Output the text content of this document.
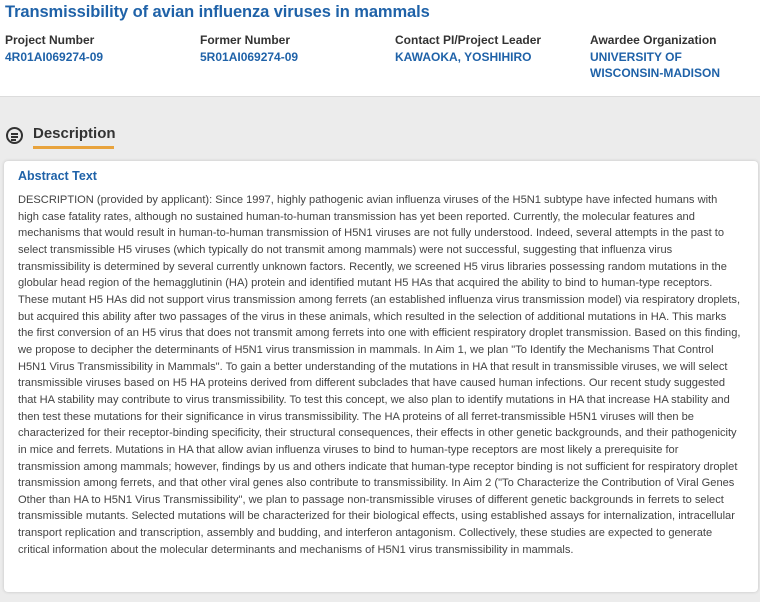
Transmissibility of avian influenza viruses in mammals
Project Number
4R01AI069274-09
Former Number
5R01AI069274-09
Contact PI/Project Leader
KAWAOKA, YOSHIHIRO
Awardee Organization
UNIVERSITY OF WISCONSIN-MADISON
Description
Abstract Text

DESCRIPTION (provided by applicant): Since 1997, highly pathogenic avian influenza viruses of the H5N1 subtype have infected humans with high case fatality rates, although no sustained human-to-human transmission has yet been reported. Currently, the molecular features and mechanisms that would result in human-to-human transmission of H5N1 viruses are not fully understood. Indeed, several attempts in the past to select transmissible H5 viruses (which typically do not transmit among mammals) were not successful, suggesting that influenza virus transmissibility is determined by several currently unknown factors. Recently, we screened H5 virus libraries possessing random mutations in the globular head region of the hemagglutinin (HA) protein and identified mutant H5 HAs that acquired the ability to bind to human-type receptors. These mutant H5 HAs did not support virus transmission among ferrets (an established influenza virus transmission model) via respiratory droplets, but acquired this ability after two passages of the virus in these animals, which resulted in the selection of additional mutations in HA. This marks the first conversion of an H5 virus that does not transmit among ferrets into one with efficient respiratory droplet transmission. Based on this finding, we propose to decipher the determinants of H5N1 virus transmission in mammals. In Aim 1, we plan "To Identify the Mechanisms That Control H5N1 Virus Transmissibility in Mammals". To gain a better understanding of the mutations in HA that result in transmissible viruses, we will select transmissible viruses based on H5 HA proteins derived from different subclades that have caused human infections. Our recent study suggested that HA stability may contribute to virus transmissibility. To test this concept, we also plan to identify mutations in HA that increase HA stability and then test these mutations for their significance in virus transmissibility. The HA proteins of all ferret-transmissible H5N1 viruses will then be characterized for their receptor-binding specificity, their structural consequences, their effects in other genetic backgrounds, and their pathogenicity in mice and ferrets. Mutations in HA that allow avian influenza viruses to bind to human-type receptors are most likely a prerequisite for transmission among mammals; however, findings by us and others indicate that human-type receptor binding is not sufficient for respiratory droplet transmission among ferrets, and that other viral genes also contribute to transmissibility. In Aim 2 ("To Characterize the Contribution of Viral Genes Other than HA to H5N1 Virus Transmissibility", we plan to passage non-transmissible viruses of different genetic backgrounds in ferrets to select transmissible mutants. Selected mutations will be characterized for their biological effects, using established assays for internalization, intracellular transport replication and transcription, assembly and budding, and interferon antagonism. Collectively, these studies are expected to generate critical information about the molecular determinants and mechanisms of H5N1 virus transmissibility in mammals.
